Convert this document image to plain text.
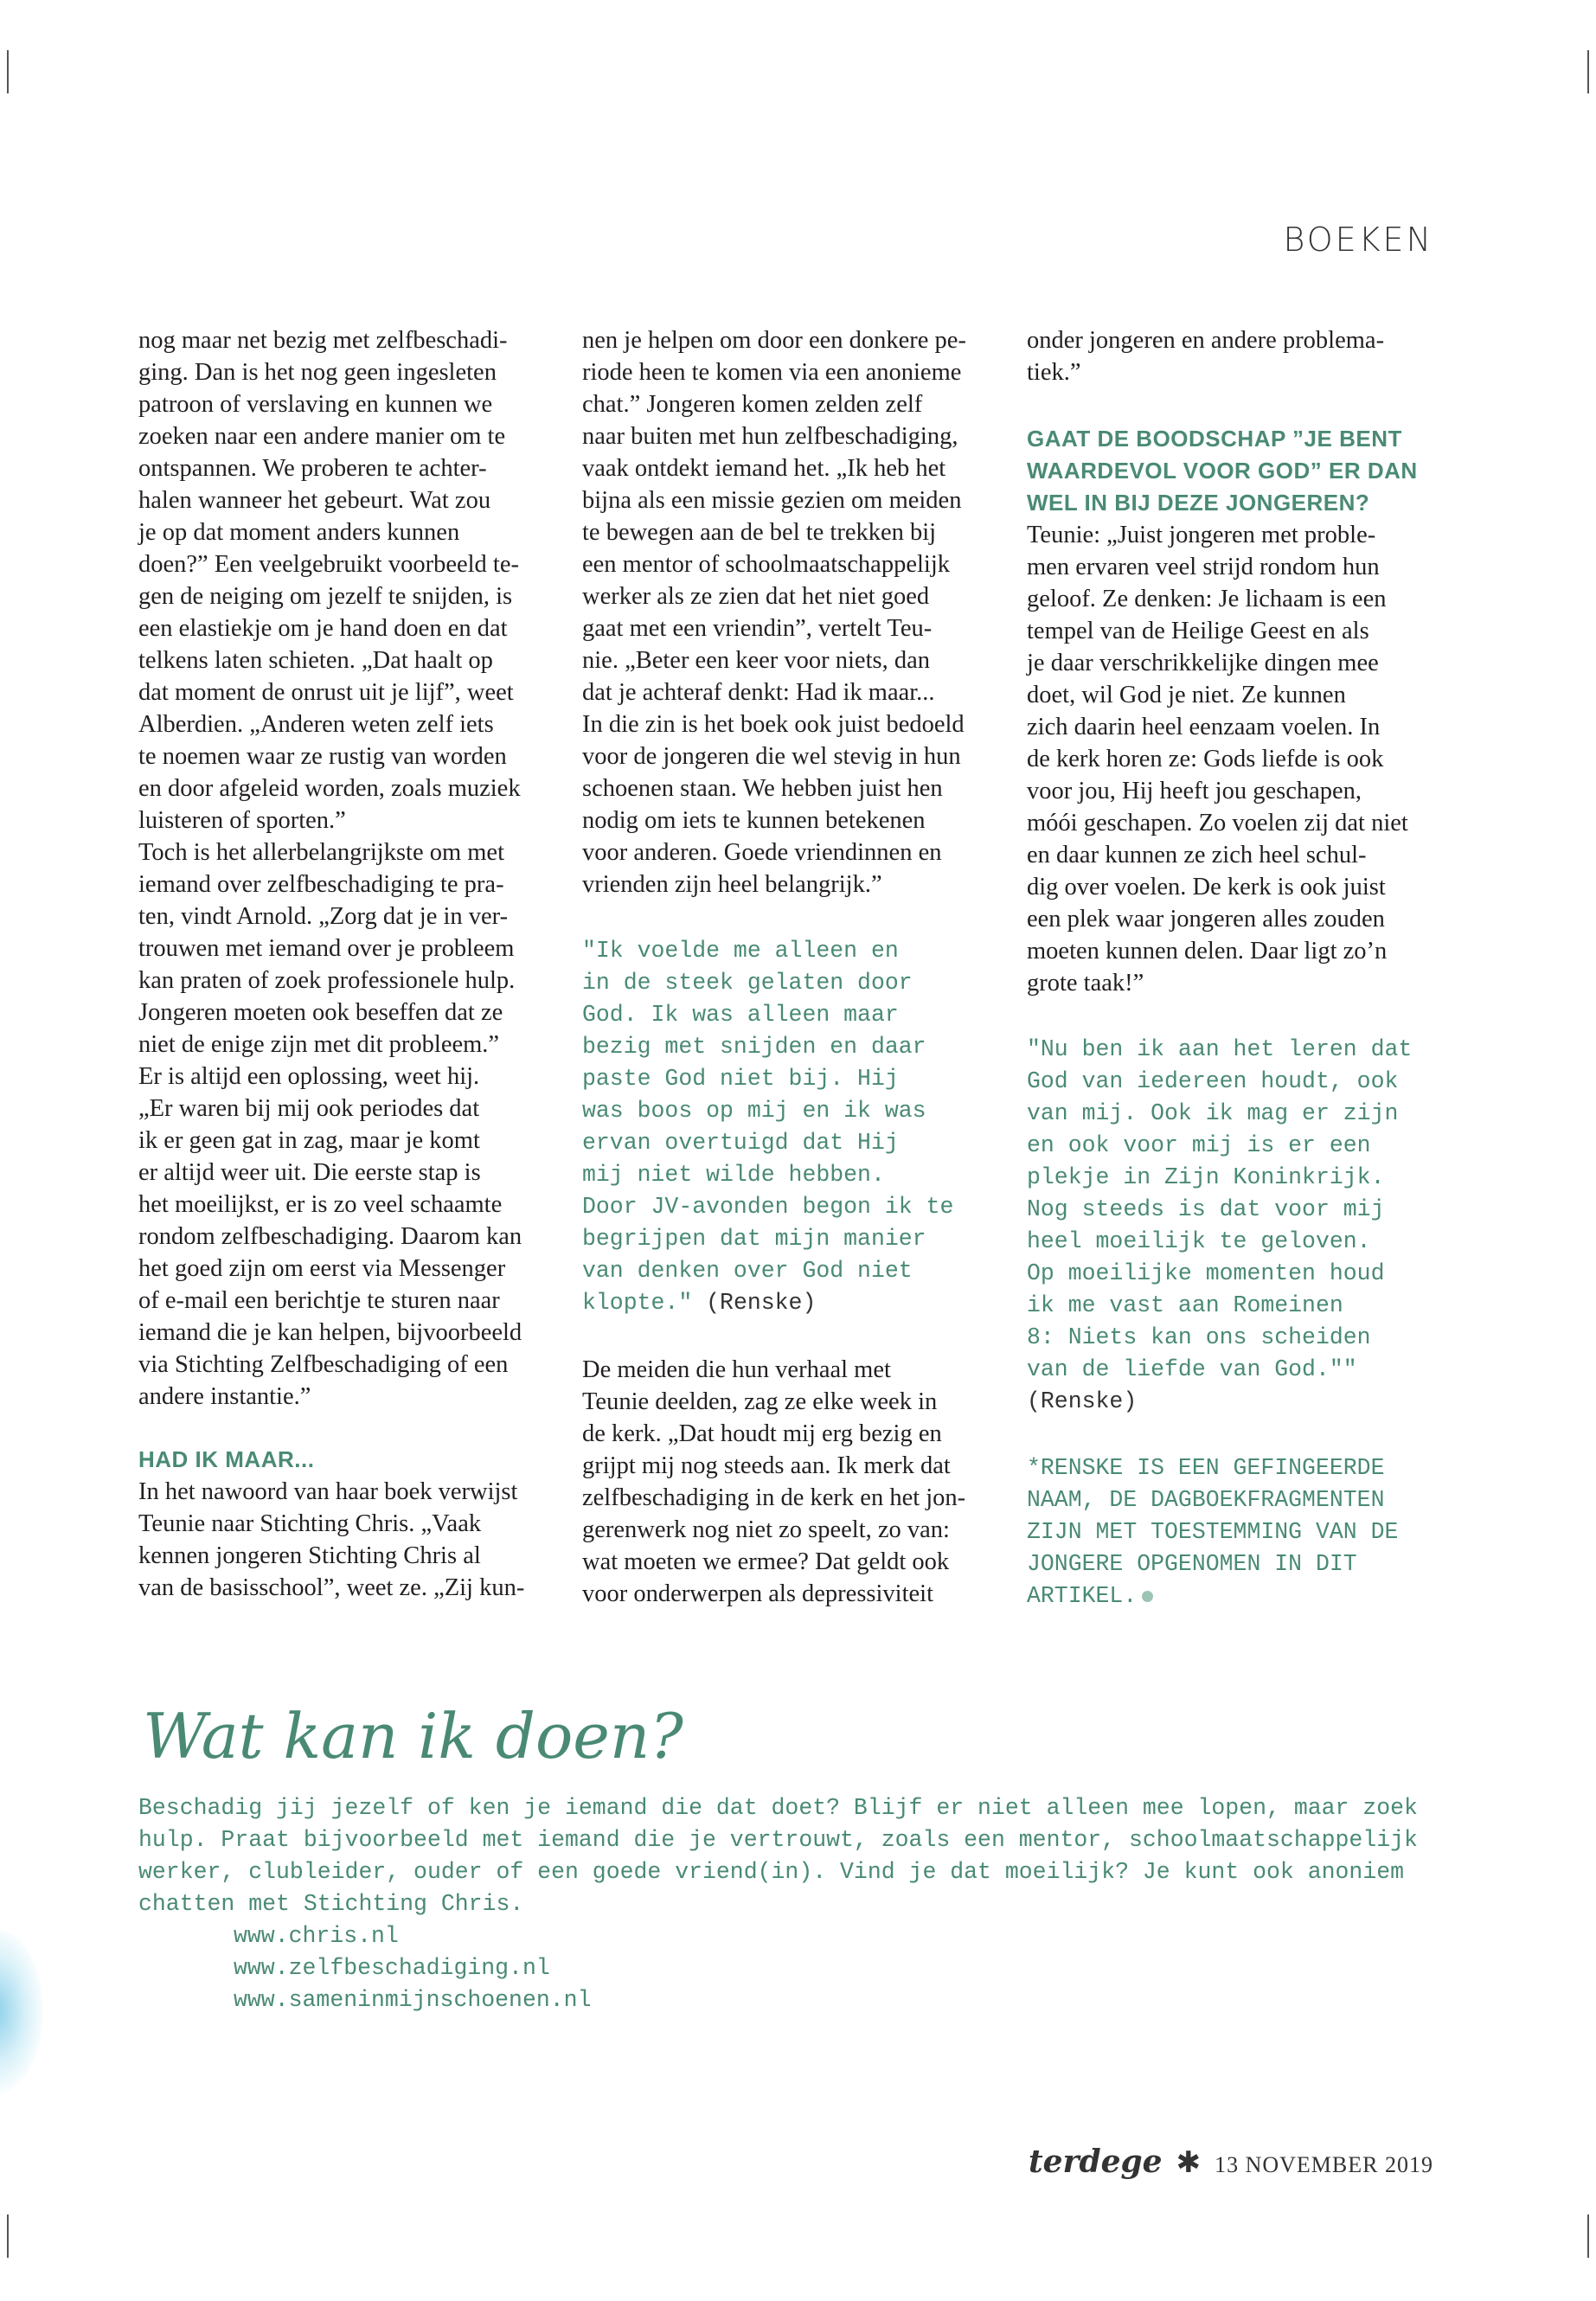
BOEKEN

nog maar net bezig met zelfbeschadi-
ging. Dan is het nog geen ingesleten
patroon of verslaving en kunnen we
zoeken naar een andere manier om te
ontspannen. We proberen te achter-
halen wanneer het gebeurt. Wat zou
je op dat moment anders kunnen
doen?” Een veelgebruikt voorbeeld te-
gen de neiging om jezelf te snijden, is
een elastiekje om je hand doen en dat
telkens laten schieten. „Dat haalt op
dat moment de onrust uit je lijf”, weet
Alberdien. „Anderen weten zelf iets
te noemen waar ze rustig van worden
en door afgeleid worden, zoals muziek
luisteren of sporten.”

Toch is het allerbelangrijkste om met
iemand over zelfbeschadiging te pra-
ten, vindt Arnold. „Zorg dat je in ver-
trouwen met iemand over je probleem
kan praten of zoek professionele hulp.
Jongeren moeten ook beseffen dat ze
niet de enige zijn met dit probleem.”
Er is altijd een oplossing, weet hij.
„Er waren bij mij ook periodes dat
ik er geen gat in zag, maar je komt
er altijd weer uit. Die eerste stap is
het moeilijkst, er is zo veel schaamte
rondom zelfbeschadiging. Daarom kan
het goed zijn om eerst via Messenger
of e-mail een berichtje te sturen naar
iemand die je kan helpen, bijvoorbeeld
via Stichting Zelfbeschadiging of een
andere instantie.”

HAD IK MAAR...

In het nawoord van haar boek verwijst
Teunie naar Stichting Chris. „Vaak
kennen jongeren Stichting Chris al
van de basisschool”, weet ze. „Zij kun-

nen je helpen om door een donkere pe-
riode heen te komen via een anonieme
chat.” Jongeren komen zelden zelf
naar buiten met hun zelfbeschadiging,
vaak ontdekt iemand het. „Ik heb het
bijna als een missie gezien om meiden
te bewegen aan de bel te trekken bij
een mentor of schoolmaatschappelijk
werker als ze zien dat het niet goed
gaat met een vriendin”, vertelt Teu-
nie. „Beter een keer voor niets, dan
dat je achteraf denkt: Had ik maar...
In die zin is het boek ook juist bedoeld
voor de jongeren die wel stevig in hun
schoenen staan. We hebben juist hen
nodig om iets te kunnen betekenen
voor anderen. Goede vriendinnen en
vrienden zijn heel belangrijk.”

"Ik voelde me alleen en
in de steek gelaten door
God. Ik was alleen maar
bezig met snijden en daar
paste God niet bij. Hij
was boos op mij en ik was
ervan overtuigd dat Hij
mij niet wilde hebben.
Door JV-avonden begon ik te
begrijpen dat mijn manier
van denken over God niet
klopte." (Renske)

De meiden die hun verhaal met
Teunie deelden, zag ze elke week in
de kerk. „Dat houdt mij erg bezig en
grijpt mij nog steeds aan. Ik merk dat
zelfbeschadiging in de kerk en het jon-
gerenwerk nog niet zo speelt, zo van:
wat moeten we ermee? Dat geldt ook
voor onderwerpen als depressiviteit

onder jongeren en andere problema-
tiek.”

GAAT DE BOODSCHAP ”JE BENT
WAARDEVOL VOOR GOD” ER DAN
WEL IN BIJ DEZE JONGEREN?

Teunie: „Juist jongeren met proble-
men ervaren veel strijd rondom hun
geloof. Ze denken: Je lichaam is een
tempel van de Heilige Geest en als
je daar verschrikkelijke dingen mee
doet, wil God je niet. Ze kunnen
zich daarin heel eenzaam voelen. In
de kerk horen ze: Gods liefde is ook
voor jou, Hij heeft jou geschapen,
móói geschapen. Zo voelen zij dat niet
en daar kunnen ze zich heel schul-
dig over voelen. De kerk is ook juist
een plek waar jongeren alles zouden
moeten kunnen delen. Daar ligt zo’n
grote taak!”

"Nu ben ik aan het leren dat
God van iedereen houdt, ook
van mij. Ook ik mag er zijn
en ook voor mij is er een
plekje in Zijn Koninkrijk.
Nog steeds is dat voor mij
heel moeilijk te geloven.
Op moeilijke momenten houd
ik me vast aan Romeinen
8: Niets kan ons scheiden
van de liefde van God.""
(Renske)

*RENSKE IS EEN GEFINGEERDE
NAAM, DE DAGBOEKFRAGMENTEN
ZIJN MET TOESTEMMING VAN DE
JONGERE OPGENOMEN IN DIT
ARTIKEL.

Wat kan ik doen?

Beschadig jij jezelf of ken je iemand die dat doet? Blijf er niet alleen mee lopen, maar zoek hulp. Praat bijvoorbeeld met iemand die je vertrouwt, zoals een mentor, schoolmaatschappelijk werker, clubleider, ouder of een goede vriend(in). Vind je dat moeilijk? Je kunt ook anoniem chatten met Stichting Chris.

www.chris.nl
www.zelfbeschadiging.nl
www.sameninmijnschoenen.nl
terdege ✱ 13 NOVEMBER 2019
